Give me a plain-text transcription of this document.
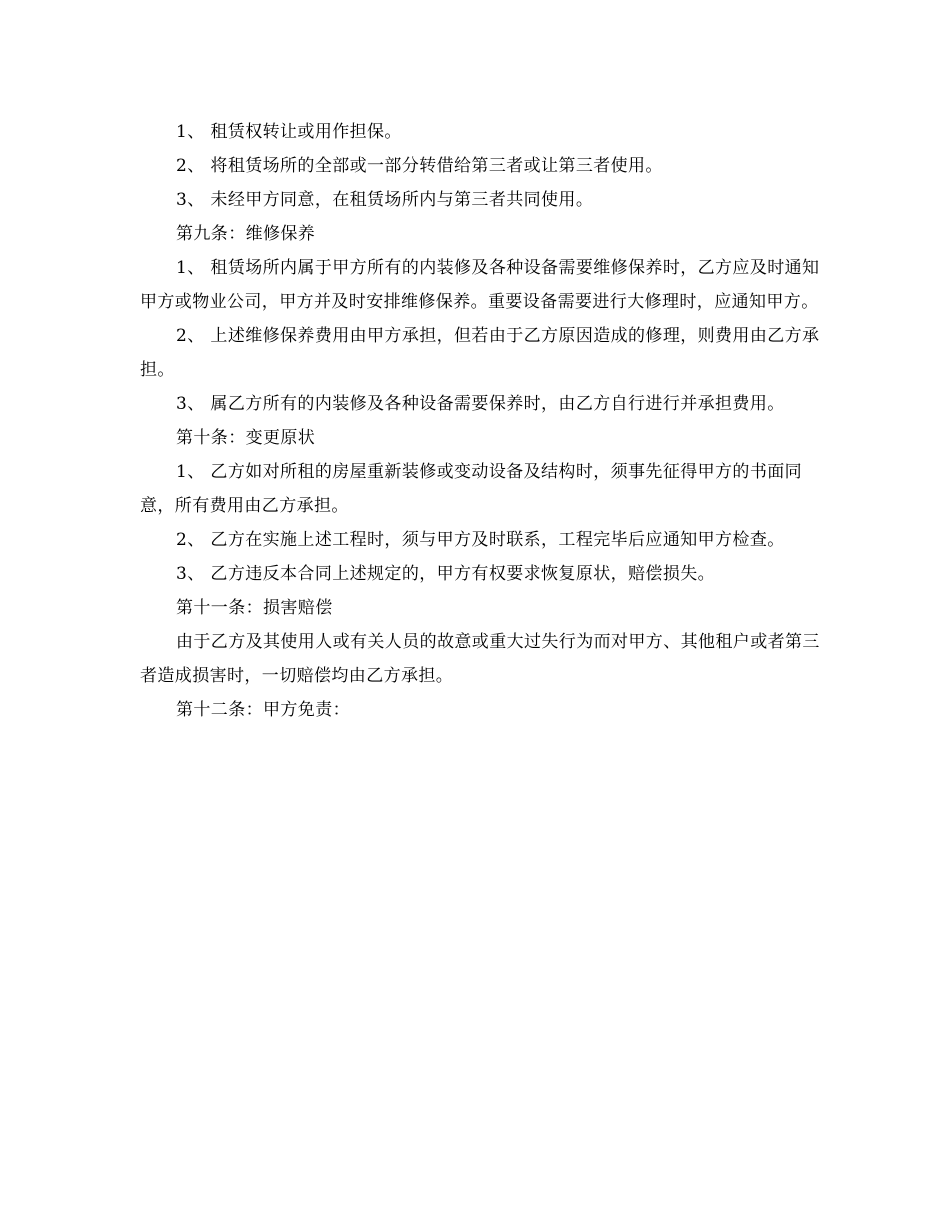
1、 租赁权转让或用作担保。

2、 将租赁场所的全部或一部分转借给第三者或让第三者使用。

3、 未经甲方同意，在租赁场所内与第三者共同使用。

第九条：维修保养

1、 租赁场所内属于甲方所有的内装修及各种设备需要维修保养时，乙方应及时通知甲方或物业公司，甲方并及时安排维修保养。重要设备需要进行大修理时，应通知甲方。

2、 上述维修保养费用由甲方承担，但若由于乙方原因造成的修理，则费用由乙方承担。

3、 属乙方所有的内装修及各种设备需要保养时，由乙方自行进行并承担费用。

第十条：变更原状

1、 乙方如对所租的房屋重新装修或变动设备及结构时，须事先征得甲方的书面同意，所有费用由乙方承担。

2、 乙方在实施上述工程时，须与甲方及时联系，工程完毕后应通知甲方检查。

3、 乙方违反本合同上述规定的，甲方有权要求恢复原状，赔偿损失。

第十一条：损害赔偿

由于乙方及其使用人或有关人员的故意或重大过失行为而对甲方、其他租户或者第三者造成损害时，一切赔偿均由乙方承担。

第十二条：甲方免责：
